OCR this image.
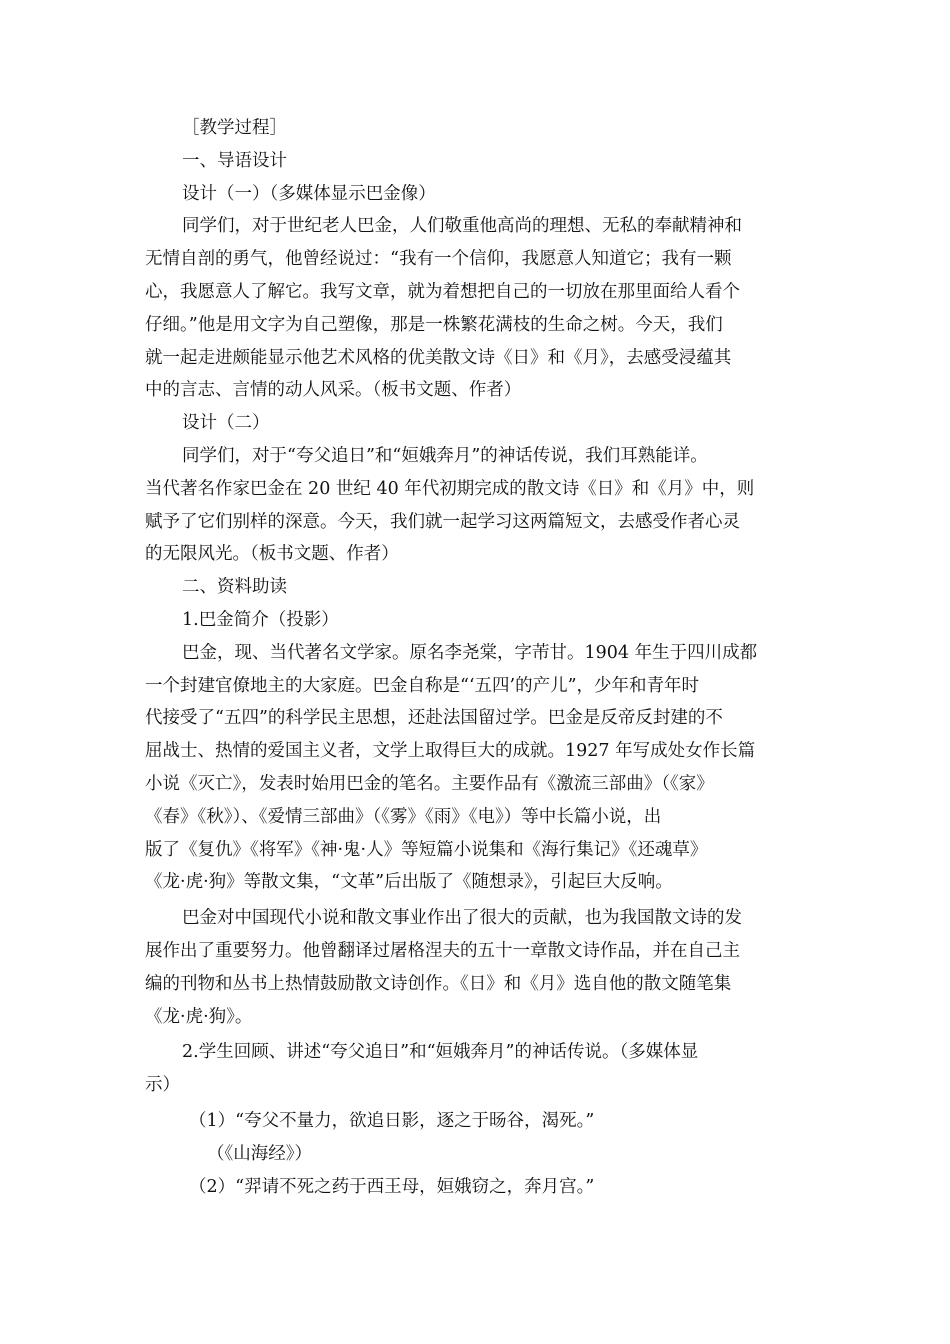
［教学过程］
一、导语设计
设计（一）（多媒体显示巴金像）
同学们，对于世纪老人巴金，人们敬重他高尚的理想、无私的奉献精神和
无情自剖的勇气，他曾经说过：“我有一个信仰，我愿意人知道它；我有一颗
心，我愿意人了解它。我写文章，就为着想把自己的一切放在那里面给人看个
仔细。”他是用文字为自己塑像，那是一株繁花满枝的生命之树。今天，我们
就一起走进颇能显示他艺术风格的优美散文诗《日》和《月》，去感受浸蕴其
中的言志、言情的动人风采。（板书文题、作者）
设计（二）
同学们，对于“夸父追日”和“姮娥奔月”的神话传说，我们耳熟能详。
当代著名作家巴金在 20 世纪 40 年代初期完成的散文诗《日》和《月》中，则
赋予了它们别样的深意。今天，我们就一起学习这两篇短文，去感受作者心灵
的无限风光。（板书文题、作者）
二、资料助读
1.巴金简介（投影）
巴金，现、当代著名文学家。原名李尧棠，字芾甘。1904 年生于四川成都
一个封建官僚地主的大家庭。巴金自称是“‘五四’的产儿”，少年和青年时
代接受了“五四”的科学民主思想，还赴法国留过学。巴金是反帝反封建的不
屈战士、热情的爱国主义者，文学上取得巨大的成就。1927 年写成处女作长篇
小说《灭亡》，发表时始用巴金的笔名。主要作品有《激流三部曲》（《家》
《春》《秋》）、《爱情三部曲》（《雾》《雨》《电》）等中长篇小说，出
版了《复仇》《将军》《神·鬼·人》等短篇小说集和《海行集记》《还魂草》
《龙·虎·狗》等散文集，“文革”后出版了《随想录》，引起巨大反响。
巴金对中国现代小说和散文事业作出了很大的贡献，也为我国散文诗的发
展作出了重要努力。他曾翻译过屠格涅夫的五十一章散文诗作品，并在自己主
编的刊物和丛书上热情鼓励散文诗创作。《日》和《月》选自他的散文随笔集
《龙·虎·狗》。
2.学生回顾、讲述“夸父追日”和“姮娥奔月”的神话传说。（多媒体显
示）
（1）“夸父不量力，欲追日影，逐之于旸谷，渴死。”
（《山海经》）
（2）“羿请不死之药于西王母，姮娥窃之，奔月宫。”
